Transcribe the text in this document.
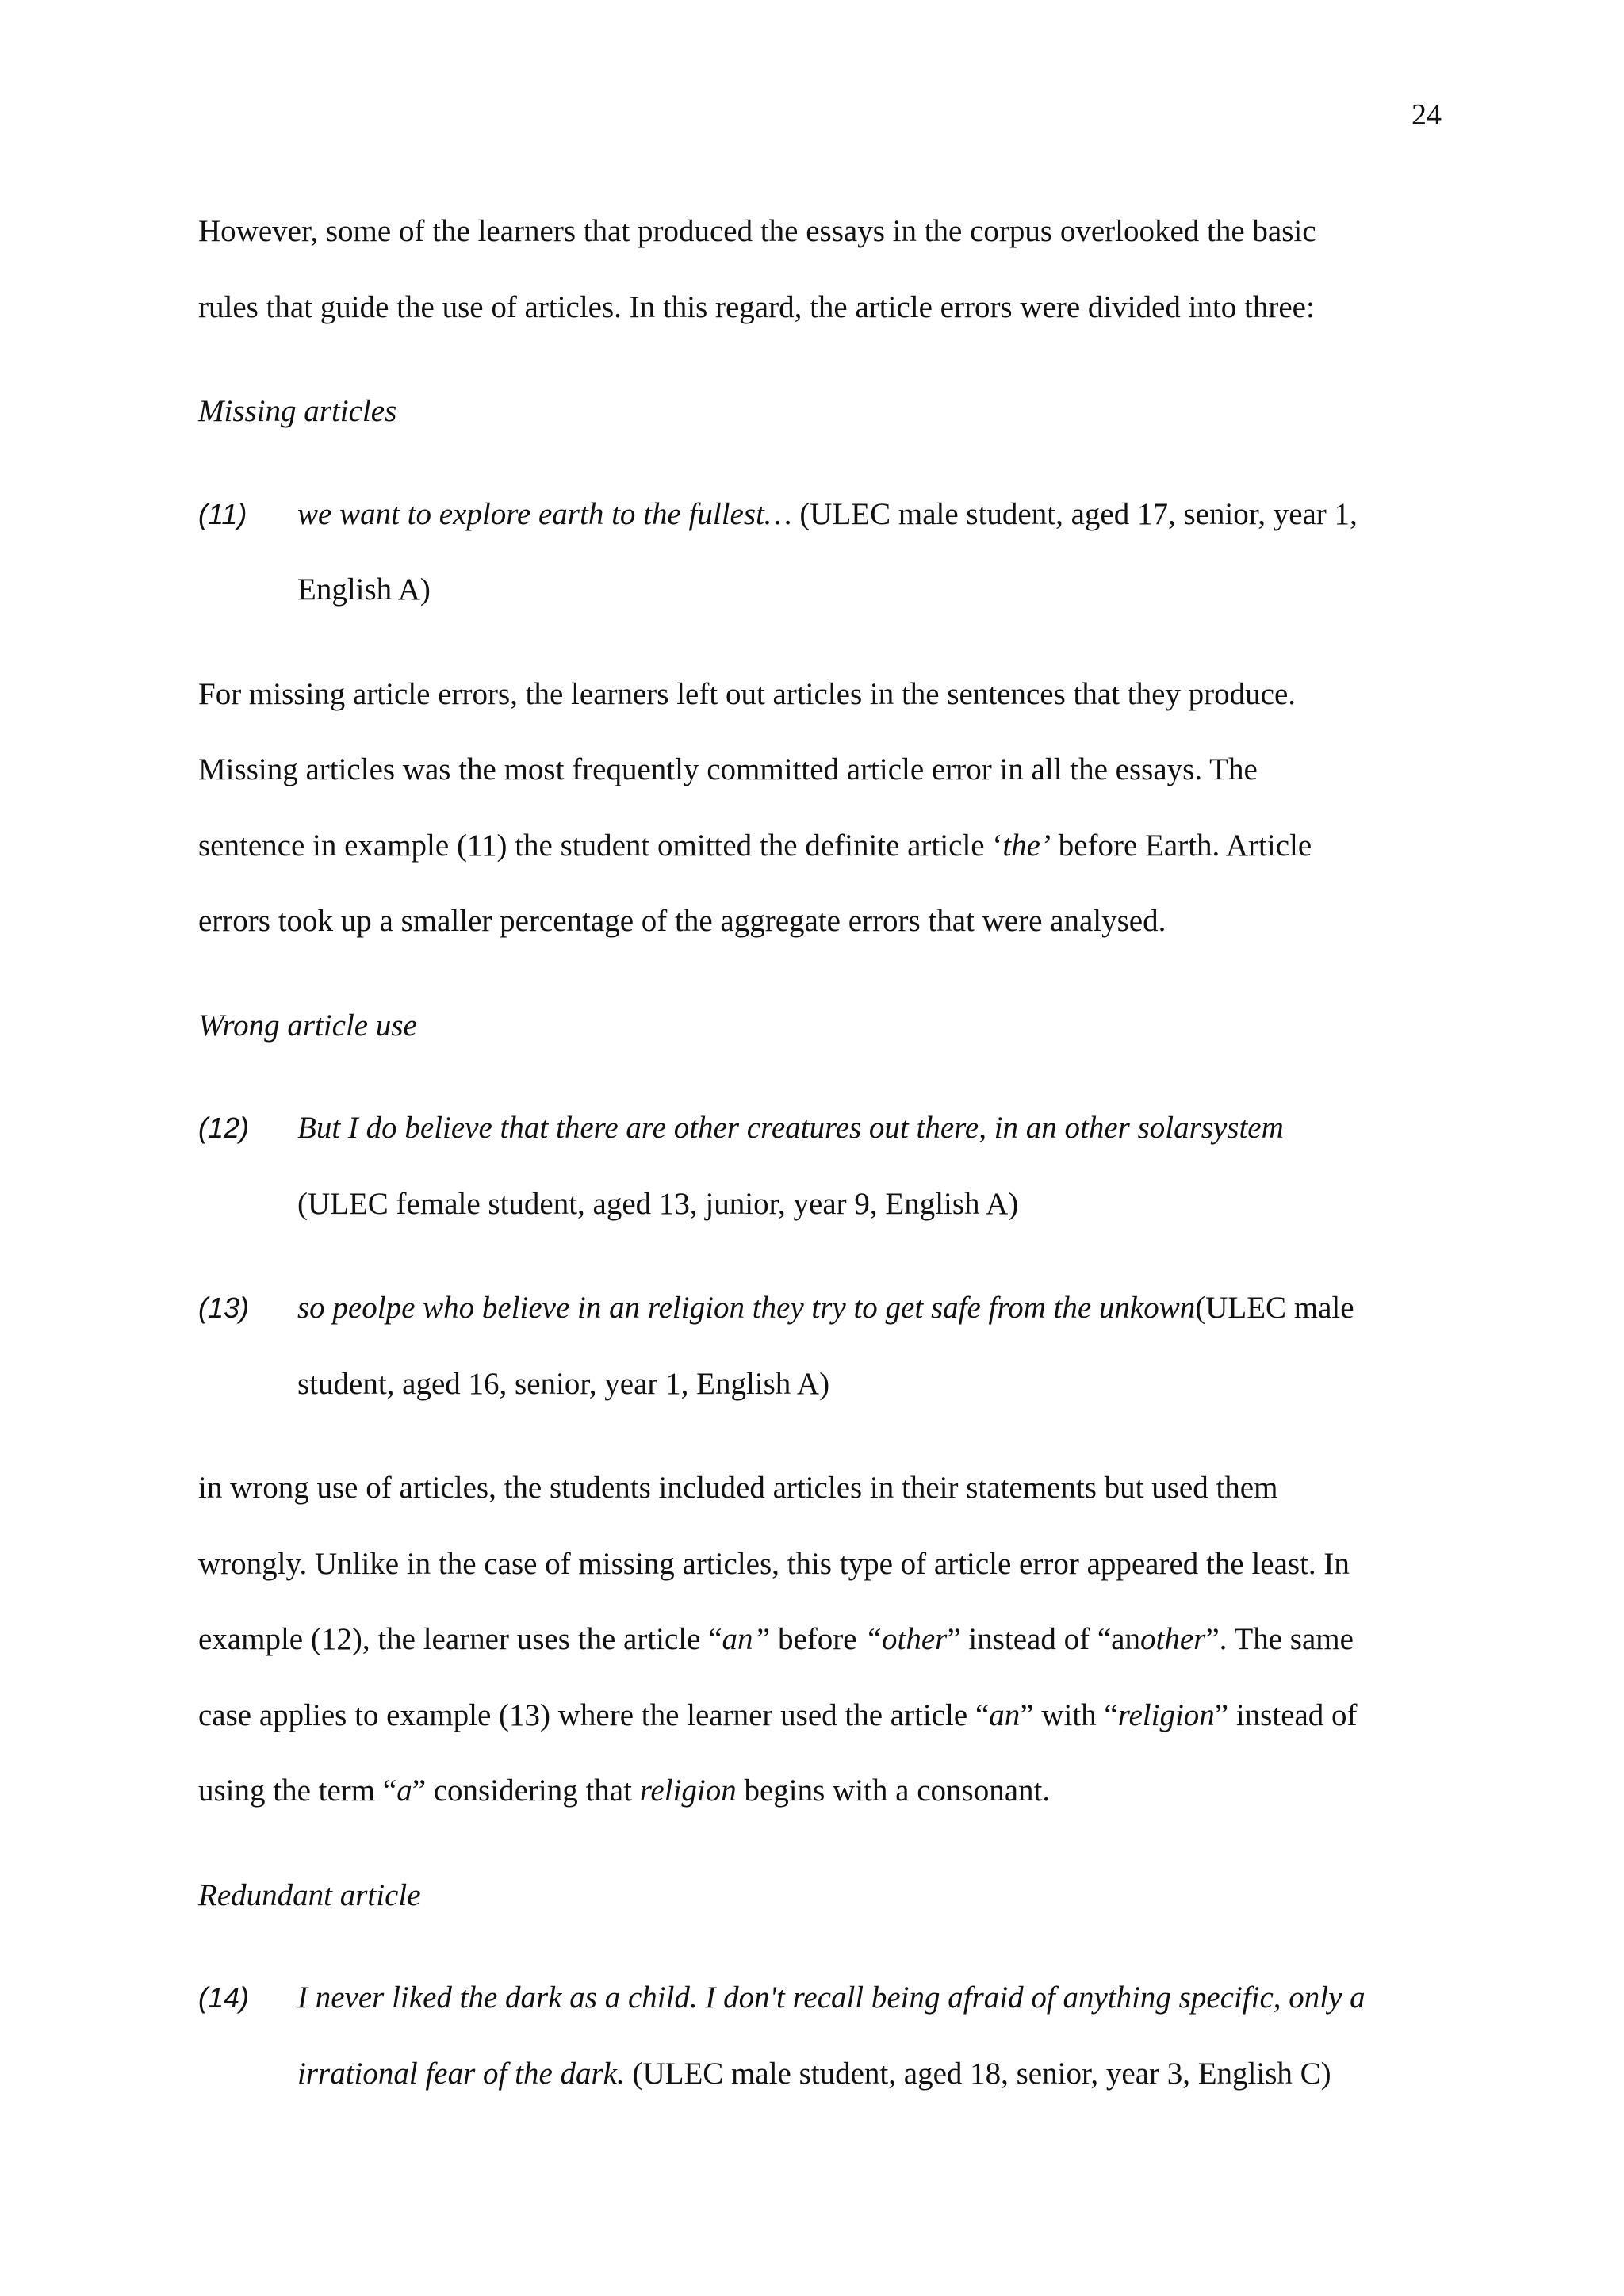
24

However, some of the learners that produced the essays in the corpus overlooked the basic
rules that guide the use of articles. In this regard, the article errors were divided into three:

Missing articles

(11)	we want to explore earth to the fullest… (ULEC male student, aged 17, senior, year 1,
English A)

For missing article errors, the learners left out articles in the sentences that they produce.
Missing articles was the most frequently committed article error in all the essays. The
sentence in example (11) the student omitted the definite article ‘the’ before Earth. Article
errors took up a smaller percentage of the aggregate errors that were analysed.

Wrong article use

(12)	But I do believe that there are other creatures out there, in an other solarsystem
(ULEC female student, aged 13, junior, year 9, English A)
(13)	so peolpe who believe in an religion they try to get safe from the unkown(ULEC male
student, aged 16, senior, year 1, English A)

in wrong use of articles, the students included articles in their statements but used them
wrongly. Unlike in the case of missing articles, this type of article error appeared the least. In
example (12), the learner uses the article “an” before “other” instead of “another”. The same
case applies to example (13) where the learner used the article “an” with “religion” instead of
using the term “a” considering that religion begins with a consonant.

Redundant article

(14)	I never liked the dark as a child. I don't recall being afraid of anything specific, only a
irrational fear of the dark. (ULEC male student, aged 18, senior, year 3, English C)
